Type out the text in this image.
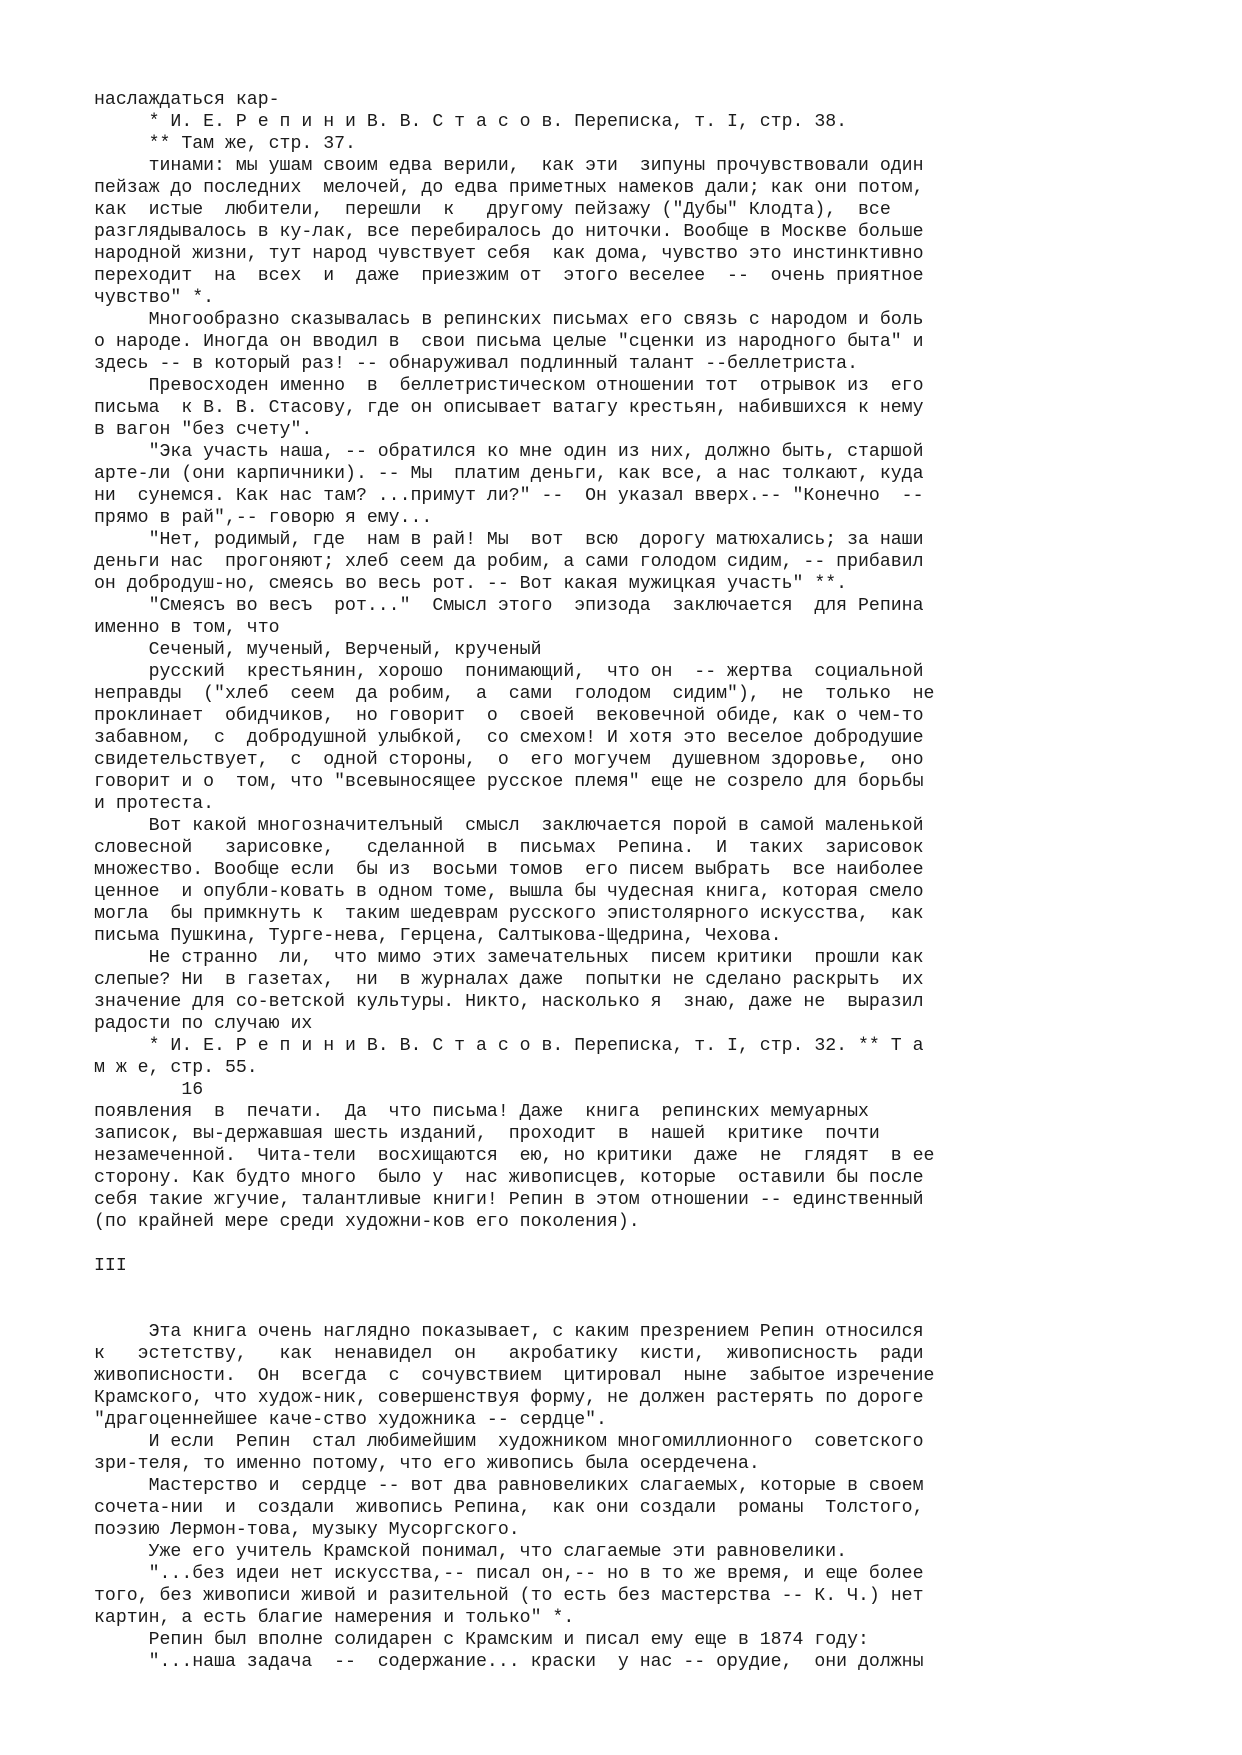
наслаждаться кар-
* И. Е. Р е п и н и В. В. С т а с о в. Переписка, т. I, стр. 38.
** Там же, стр. 37.
тинами: мы ушам своим едва верили,  как эти  зипуны прочувствовали один
пейзаж до последних  мелочей, до едва приметных намеков дали; как они потом,
как  истые  любители,  перешли  к   другому пейзажу ("Дубы" Клодта),  все
разглядывалось в ку-лак, все перебиралось до ниточки. Вообще в Москве больше
народной жизни, тут народ чувствует себя  как дома, чувство это инстинктивно
переходит  на  всех  и  даже  приезжим от  этого веселее  --  очень приятное
чувство" *.
Многообразно сказывалась в репинских письмах его связь с народом и боль
о народе. Иногда он вводил в  свои письма целые "сценки из народного быта" и
здесь -- в который раз! -- обнаруживал подлинный талант --беллетриста.
Превосходен именно  в  беллетристическом отношении тот  отрывок из  его
письма  к В. В. Стасову, где он описывает ватагу крестьян, набившихся к нему
в вагон "без счету".
"Эка участь наша, -- обратился ко мне один из них, должно быть, старшой
арте-ли (они карпичники). -- Мы  платим деньги, как все, а нас толкают, куда
ни  сунемся. Как нас там? ...примут ли?" --  Он указал вверх.-- "Конечно  --
прямо в рай",-- говорю я ему...
"Нет, родимый, где  нам в рай! Мы  вот  всю  дорогу матюхались; за наши
деньги нас  прогоняют; хлеб сеем да робим, а сами голодом сидим, -- прибавил
он добродуш-но, смеясь во весь рот. -- Вот какая мужицкая участь" **.
"Смеясъ во весъ  рот..."  Смысл этого  эпизода  заключается  для Репина
именно в том, что
Сеченый, мученый, Верченый, крученый
русский  крестьянин, хорошо  понимающий,  что он  -- жертва  социальной
неправды  ("хлеб  сеем  да робим,  а  сами  голодом  сидим"),  не  только  не
проклинает  обидчиков,  но говорит  о  своей  вековечной обиде, как о чем-то
забавном,  с  добродушной улыбкой,  со смехом! И хотя это веселое добродушие
свидетельствует,  с  одной стороны,  о  его могучем  душевном здоровье,  оно
говорит и о  том, что "всевыносящее русское племя" еще не созрело для борьбы
и протеста.
Вот какой многозначителъный  смысл  заключается порой в самой маленькой
словесной   зарисовке,   сделанной  в  письмах  Репина.  И  таких  зарисовок
множество. Вообще если  бы из  восьми томов  его писем выбрать  все наиболее
ценное  и опубли-ковать в одном томе, вышла бы чудесная книга, которая смело
могла  бы примкнуть к  таким шедеврам русского эпистолярного искусства,  как
письма Пушкина, Турге-нева, Герцена, Салтыкова-Щедрина, Чехова.
Не странно  ли,  что мимо этих замечательных  писем критики  прошли как
слепые? Ни  в газетах,  ни  в журналах даже  попытки не сделано раскрыть  их
значение для со-ветской культуры. Никто, насколько я  знаю, даже не  выразил
радости по случаю их
* И. Е. Р е п и н и В. В. С т а с о в. Переписка, т. I, стр. 32. ** Т а
м ж е, стр. 55.
16
появления  в  печати.  Да  что письма! Даже  книга  репинских мемуарных
записок, вы-державшая шесть изданий,  проходит  в  нашей  критике  почти
незамеченной.  Чита-тели  восхищаются  ею, но критики  даже  не  глядят  в ее
сторону. Как будто много  было у  нас живописцев, которые  оставили бы после
себя такие жгучие, талантливые книги! Репин в этом отношении -- единственный
(по крайней мере среди художни-ков его поколения).
III
Эта книга очень наглядно показывает, с каким презрением Репин относился
к   эстетству,   как  ненавидел  он   акробатику  кисти,  живописность  ради
живописности.  Он  всегда  с  сочувствием  цитировал  ныне  забытое изречение
Крамского, что худож-ник, совершенствуя форму, не должен растерять по дороге
"драгоценнейшее каче-ство художника -- сердце".
И если  Репин  стал любимейшим  художником многомиллионного  советского
зри-теля, то именно потому, что его живопись была осердечена.
Мастерство и  сердце -- вот два равновеликих слагаемых, которые в своем
сочета-нии  и  создали  живопись Репина,  как они создали  романы  Толстого,
поэзию Лермон-това, музыку Мусоргского.
Уже его учитель Крамской понимал, что слагаемые эти равновелики.
"...без идеи нет искусства,-- писал он,-- но в то же время, и еще более
того, без живописи живой и разительной (то есть без мастерства -- К. Ч.) нет
картин, а есть благие намерения и только" *.
Репин был вполне солидарен с Крамским и писал ему еще в 1874 году:
"...наша задача  --  содержание... краски  у нас -- орудие,  они должны
